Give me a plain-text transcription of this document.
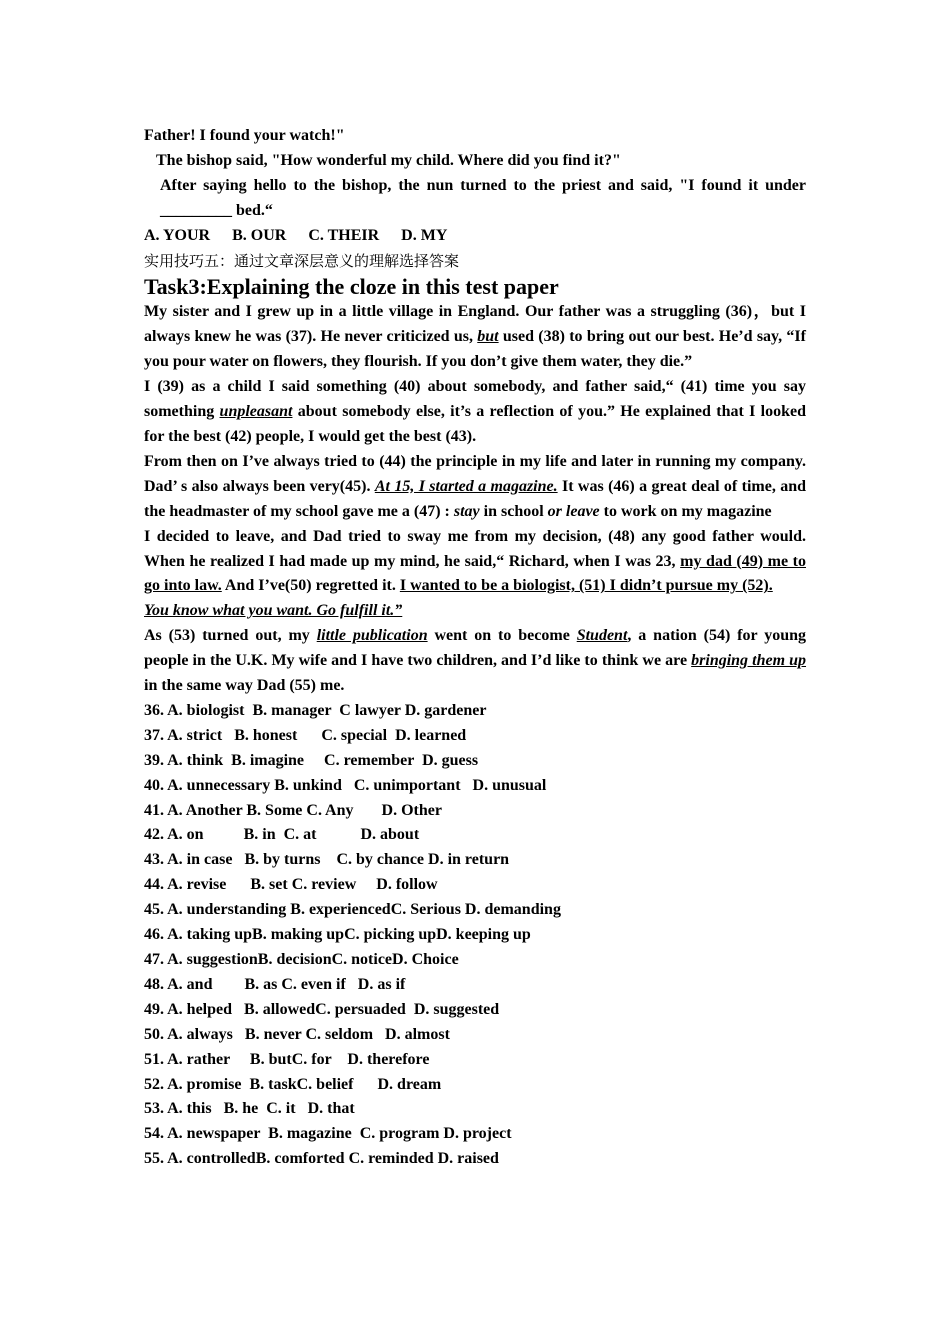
Father! I found your watch!"

The bishop said, "How wonderful my child. Where did you find it?"

After saying hello to the bishop, the nun turned to the priest and said, "I found it under _________ bed.“

A. YOUR B. OUR C. THEIR D. MY

实用技巧五：通过文章深层意义的理解选择答案

Task3:Explaining the cloze in this test paper

My sister and I grew up in a little village in England. Our father was a struggling (36)，but I always knew he was (37). He never criticized us, but used (38) to bring out our best. He’d say, “If you pour water on flowers, they flourish. If you don’t give them water, they die.”

I (39) as a child I said something (40) about somebody, and father said,“ (41) time you say something unpleasant about somebody else, it’s a reflection of you.” He explained that I looked for the best (42) people, I would get the best (43).

From then on I’ve always tried to (44) the principle in my life and later in running my company. Dad’ s also always been very(45). At 15, I started a magazine. It was (46) a great deal of time, and the headmaster of my school gave me a (47) : stay in school or leave to work on my magazine

I decided to leave, and Dad tried to sway me from my decision, (48) any good father would. When he realized I had made up my mind, he said,“ Richard, when I was 23, my dad (49) me to go into law. And I’ve(50) regretted it. I wanted to be a biologist, (51) I didn’t pursue my (52).

You know what you want. Go fulfill it.”

As (53) turned out, my little publication went on to become Student, a nation (54) for young people in the U.K. My wife and I have two children, and I’d like to think we are bringing them up in the same way Dad (55) me.

36. A. biologist  B. manager  C lawyer D. gardener

37. A. strict   B. honest      C. special  D. learned

39. A. think  B. imagine     C. remember  D. guess

40. A. unnecessary B. unkind   C. unimportant   D. unusual

41. A. Another B. Some C. Any       D. Other

42. A. on          B. in  C. at           D. about

43. A. in case   B. by turns    C. by chance D. in return

44. A. revise      B. set C. review     D. follow

45. A. understanding B. experiencedC. Serious D. demanding

46. A. taking upB. making upC. picking upD. keeping up

47. A. suggestionB. decisionC. noticeD. Choice

48. A. and        B. as C. even if   D. as if

49. A. helped   B. allowedC. persuaded  D. suggested

50. A. always   B. never C. seldom   D. almost

51. A. rather     B. butC. for    D. therefore

52. A. promise  B. taskC. belief      D. dream

53. A. this   B. he  C. it   D. that

54. A. newspaper  B. magazine  C. program D. project

55. A. controlledB. comforted C. reminded D. raised
